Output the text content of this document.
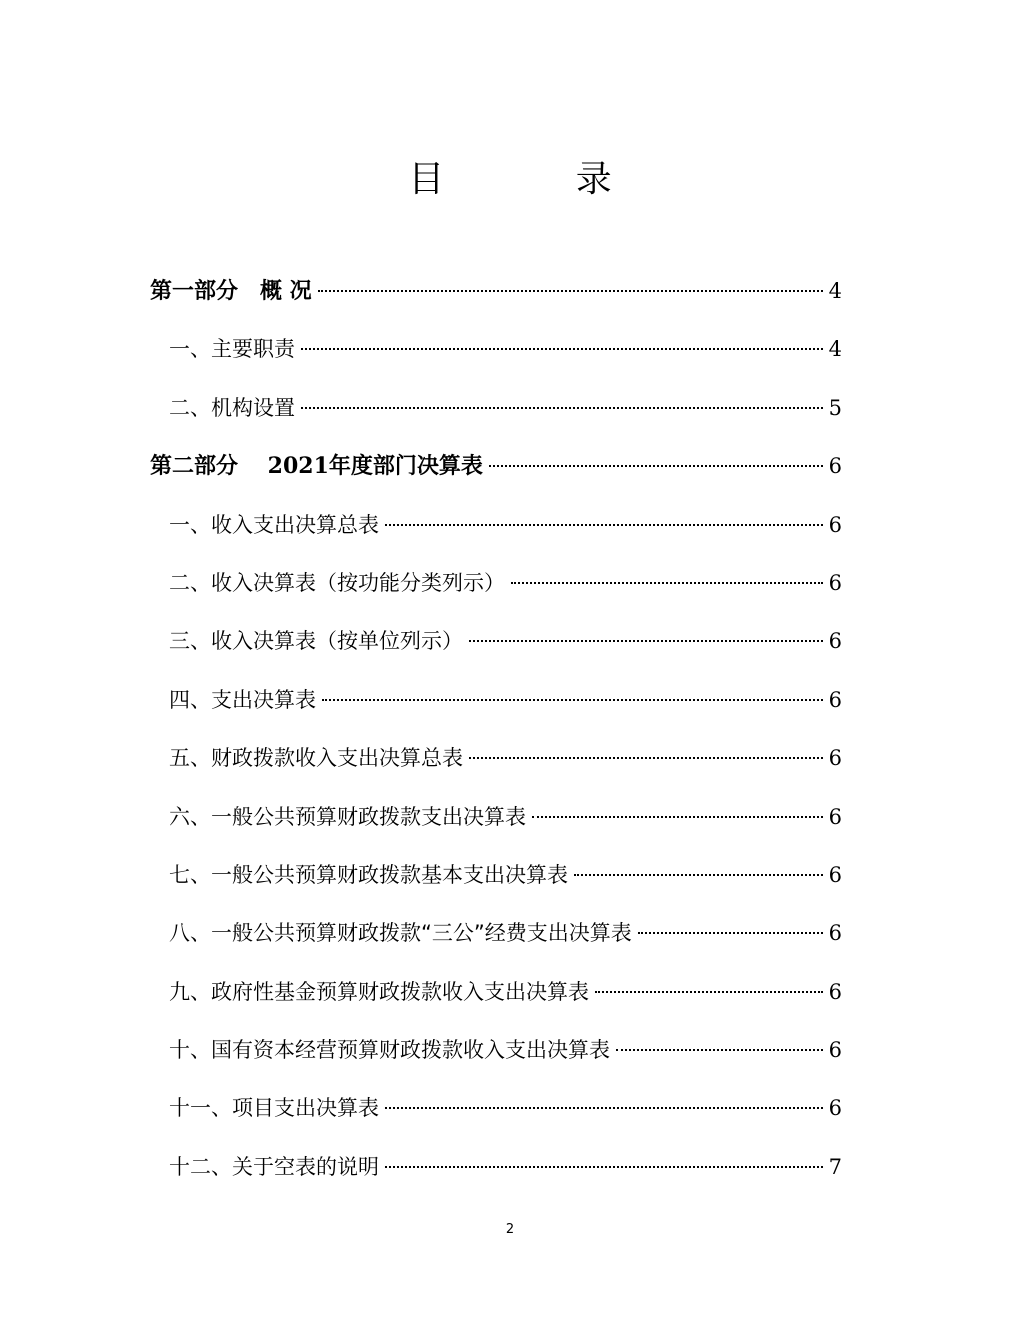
目 录
第一部分　概 况	4
一、主要职责	4
二、机构设置	5
第二部分　 2021年度部门决算表	6
一、收入支出决算总表	6
二、收入决算表（按功能分类列示）	6
三、收入决算表（按单位列示）	6
四、支出决算表	6
五、财政拨款收入支出决算总表	6
六、一般公共预算财政拨款支出决算表	6
七、一般公共预算财政拨款基本支出决算表	6
八、一般公共预算财政拨款“三公”经费支出决算表	6
九、政府性基金预算财政拨款收入支出决算表	6
十、国有资本经营预算财政拨款收入支出决算表	6
十一、项目支出决算表	6
十二、关于空表的说明	7
2
